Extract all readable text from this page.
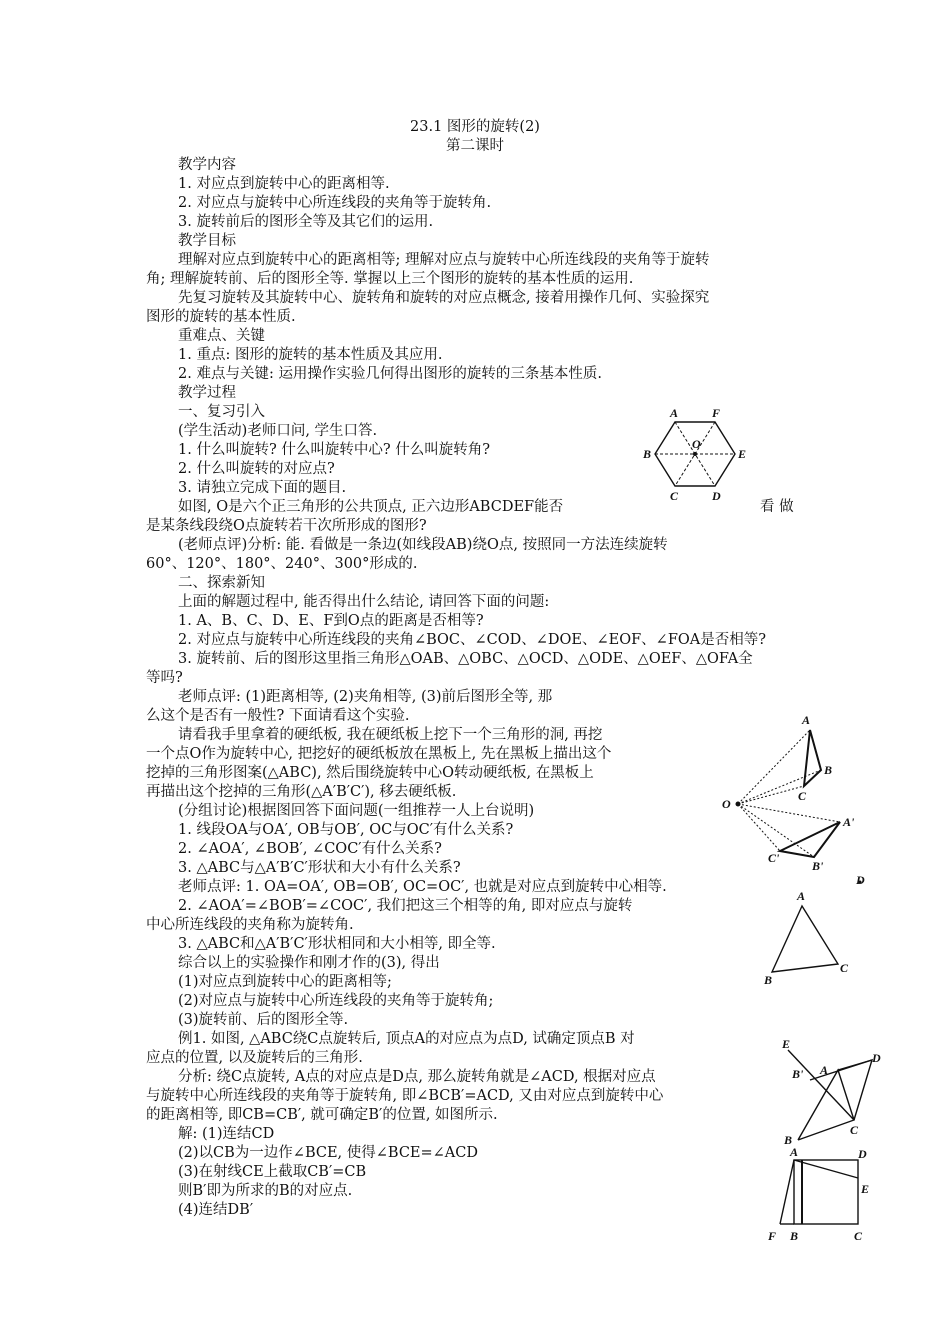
23.1 图形的旋转(2)
第二课时
教学内容
1. 对应点到旋转中心的距离相等.
2. 对应点与旋转中心所连线段的夹角等于旋转角.
3. 旋转前后的图形全等及其它们的运用.
教学目标
理解对应点到旋转中心的距离相等; 理解对应点与旋转中心所连线段的夹角等于旋转
角; 理解旋转前、后的图形全等. 掌握以上三个图形的旋转的基本性质的运用.
先复习旋转及其旋转中心、旋转角和旋转的对应点概念, 接着用操作几何、实验探究
图形的旋转的基本性质.
重难点、关键
1. 重点: 图形的旋转的基本性质及其应用.
2. 难点与关键: 运用操作实验几何得出图形的旋转的三条基本性质.
教学过程
一、复习引入
(学生活动)老师口问, 学生口答.
1. 什么叫旋转? 什么叫旋转中心? 什么叫旋转角?
2. 什么叫旋转的对应点?
3. 请独立完成下面的题目.
如图, O是六个正三角形的公共顶点, 正六边形ABCDEF能否	看 做
是某条线段绕O点旋转若干次所形成的图形?
(老师点评)分析: 能. 看做是一条边(如线段AB)绕O点, 按照同一方法连续旋转
60°、120°、180°、240°、300°形成的.
二、探索新知
上面的解题过程中, 能否得出什么结论, 请回答下面的问题:
1. A、B、C、D、E、F到O点的距离是否相等?
2. 对应点与旋转中心所连线段的夹角∠BOC、∠COD、∠DOE、∠EOF、∠FOA是否相等?
3. 旋转前、后的图形这里指三角形△OAB、△OBC、△OCD、△ODE、△OEF、△OFA全
等吗?
老师点评: (1)距离相等, (2)夹角相等, (3)前后图形全等, 那
么这个是否有一般性? 下面请看这个实验.
请看我手里拿着的硬纸板, 我在硬纸板上挖下一个三角形的洞, 再挖
一个点O作为旋转中心, 把挖好的硬纸板放在黑板上, 先在黑板上描出这个
挖掉的三角形图案(△ABC), 然后围绕旋转中心O转动硬纸板, 在黑板上
再描出这个挖掉的三角形(△A′B′C′), 移去硬纸板.
(分组讨论)根据图回答下面问题(一组推荐一人上台说明)
1. 线段OA与OA′, OB与OB′, OC与OC′有什么关系?
2. ∠AOA′, ∠BOB′, ∠COC′有什么关系?
3. △ABC与△A′B′C′形状和大小有什么关系?
老师点评: 1. OA=OA′, OB=OB′, OC=OC′, 也就是对应点到旋转中心相等.
2. ∠AOA′=∠BOB′=∠COC′, 我们把这三个相等的角, 即对应点与旋转
中心所连线段的夹角称为旋转角.
3. △ABC和△A′B′C′形状相同和大小相等, 即全等.
综合以上的实验操作和刚才作的(3), 得出
(1)对应点到旋转中心的距离相等;
(2)对应点与旋转中心所连线段的夹角等于旋转角;
(3)旋转前、后的图形全等.
例1. 如图, △ABC绕C点旋转后, 顶点A的对应点为点D, 试确定顶点B 对
应点的位置, 以及旋转后的三角形.
分析: 绕C点旋转, A点的对应点是D点, 那么旋转角就是∠ACD, 根据对应点
与旋转中心所连线段的夹角等于旋转角, 即∠BCB′=ACD, 又由对应点到旋转中心
的距离相等, 即CB=CB′, 就可确定B′的位置, 如图所示.
解: (1)连结CD
(2)以CB为一边作∠BCE, 使得∠BCE=∠ACD
(3)在射线CE上截取CB′=CB
则B′即为所求的B的对应点.
(4)连结DB′
A	F
B
O
E
C	D
A
B
C
O
A'
C'
B'
D
A
B
C
E
D
B' A
B
C
A	D
E
F B	C
